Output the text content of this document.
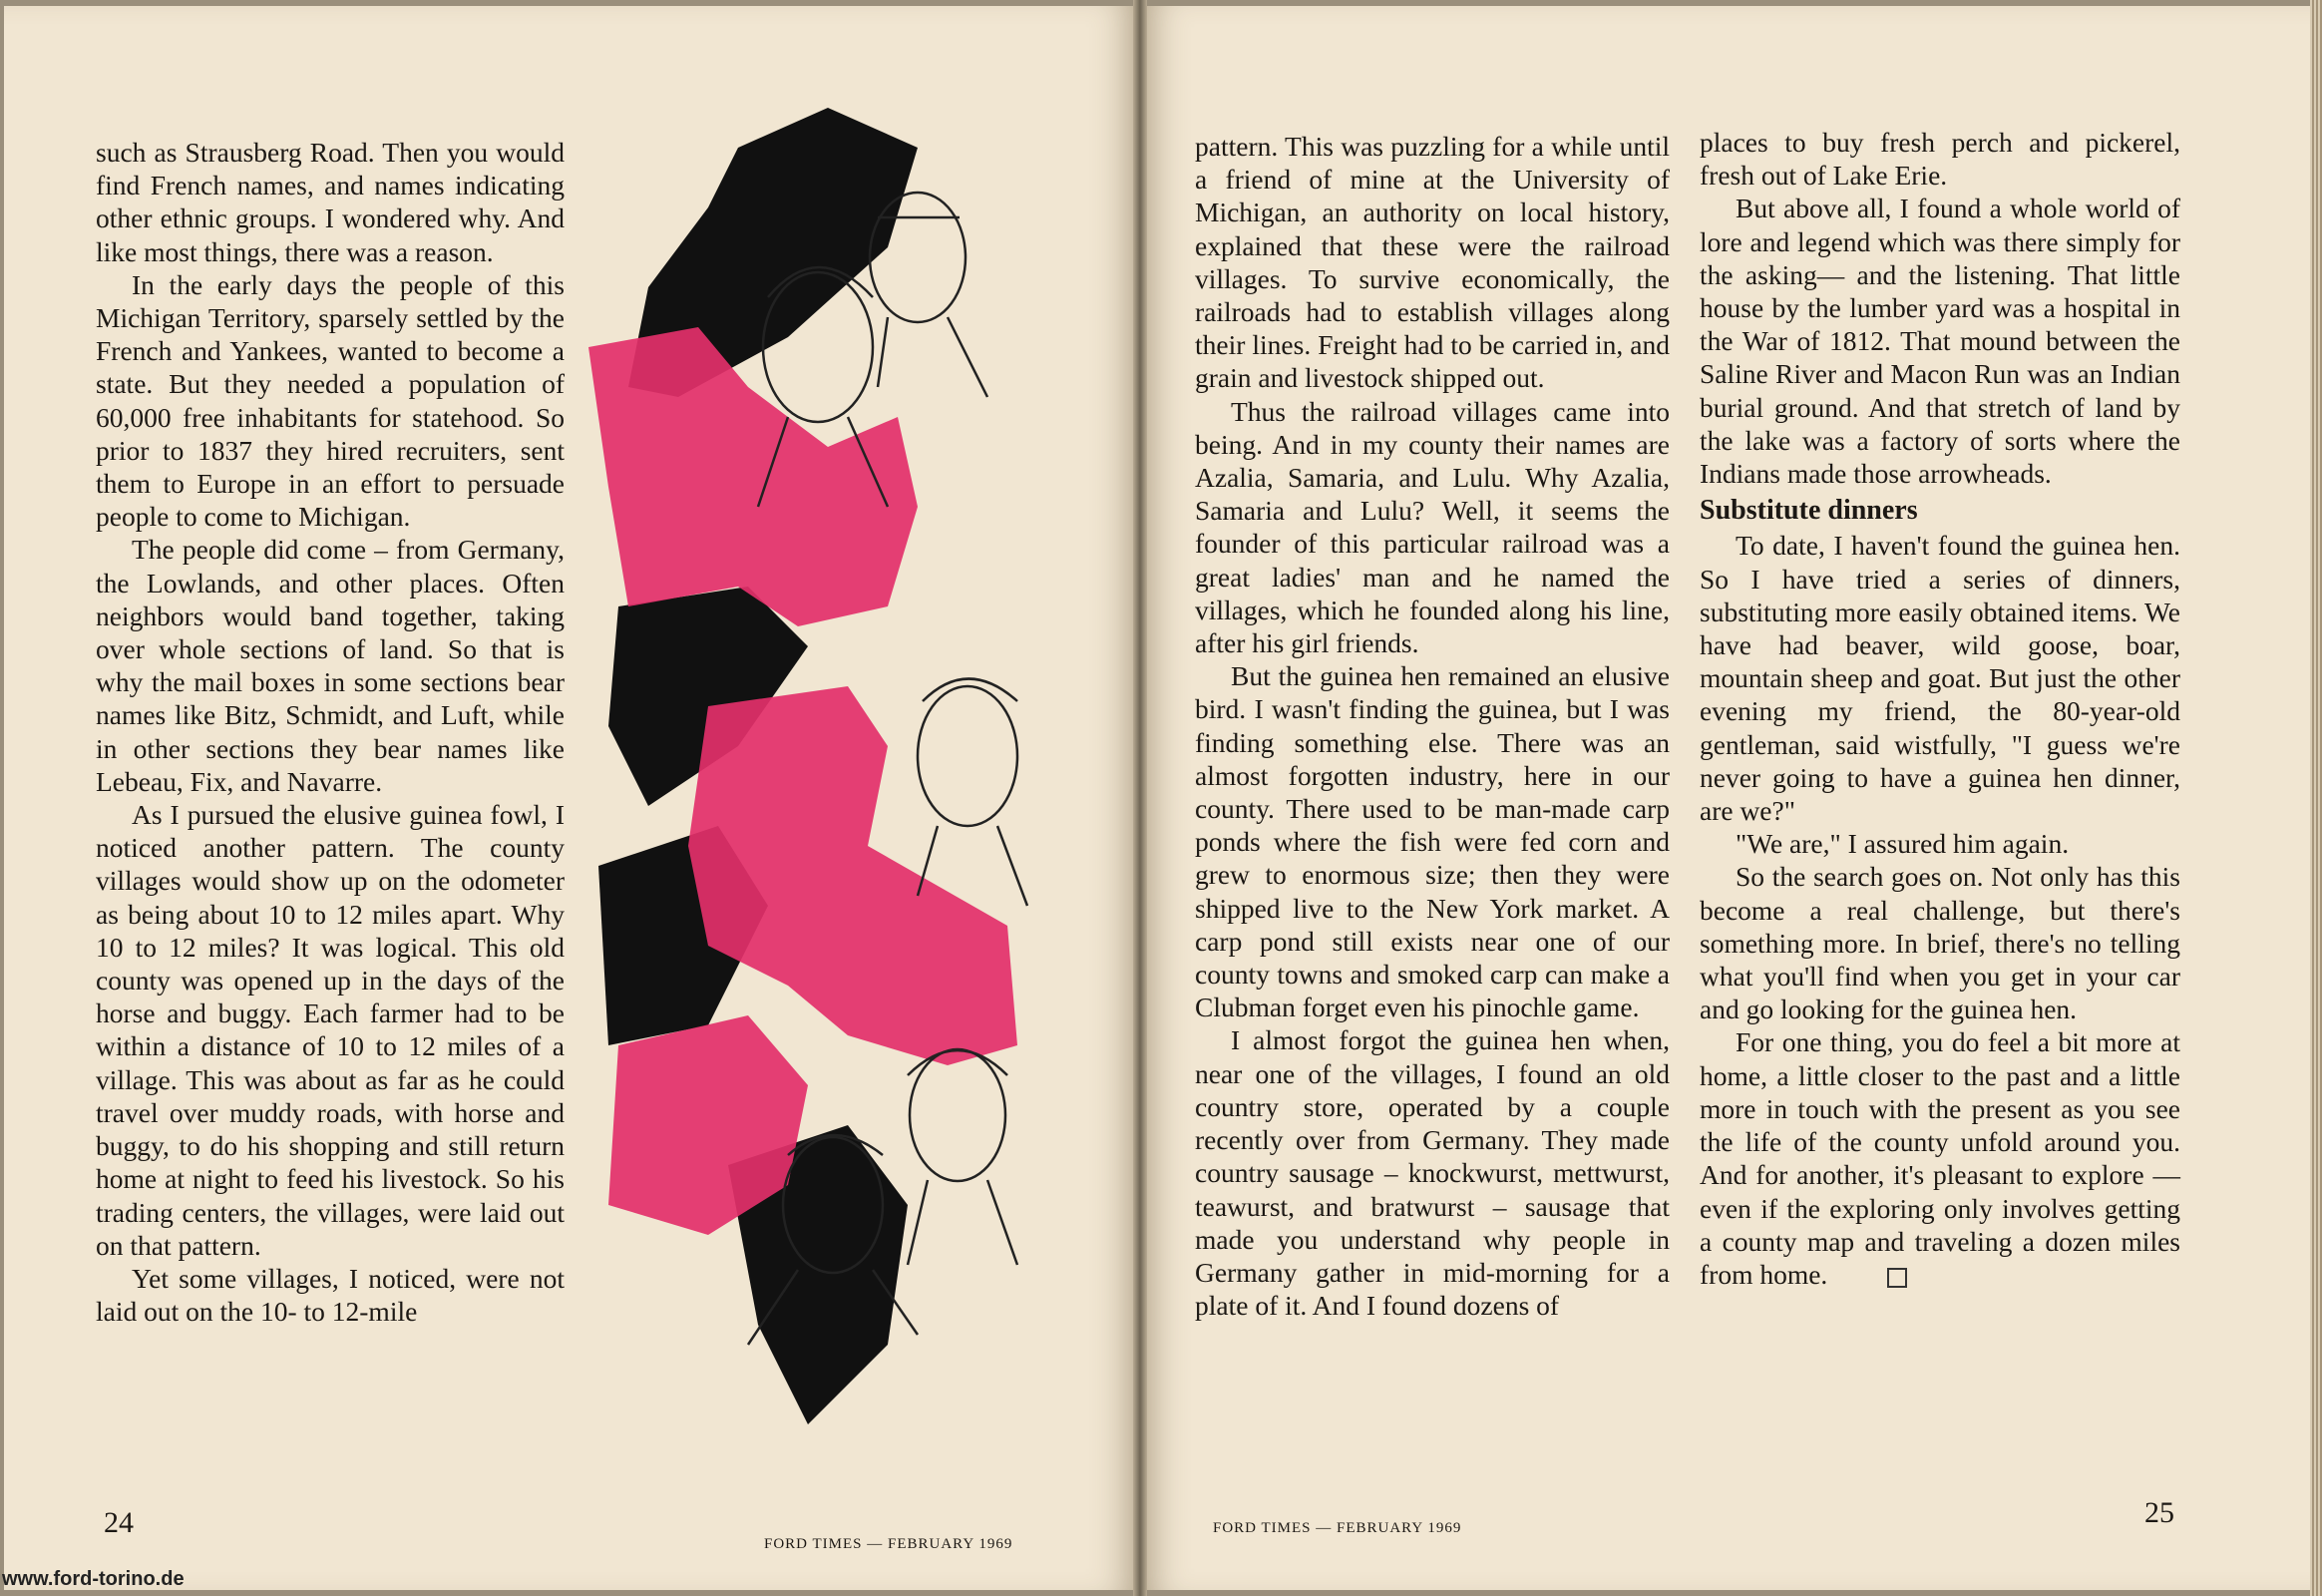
such as Strausberg Road. Then you would find French names, and names indicating other ethnic groups. I wondered why. And like most things, there was a reason.

In the early days the people of this Michigan Territory, sparsely settled by the French and Yankees, wanted to become a state. But they needed a population of 60,000 free inhabitants for statehood. So prior to 1837 they hired recruiters, sent them to Europe in an effort to persuade people to come to Michigan.

The people did come – from Germany, the Lowlands, and other places. Often neighbors would band together, taking over whole sections of land. So that is why the mail boxes in some sections bear names like Bitz, Schmidt, and Luft, while in other sections they bear names like Lebeau, Fix, and Navarre.

As I pursued the elusive guinea fowl, I noticed another pattern. The county villages would show up on the odometer as being about 10 to 12 miles apart. Why 10 to 12 miles? It was logical. This old county was opened up in the days of the horse and buggy. Each farmer had to be within a distance of 10 to 12 miles of a village. This was about as far as he could travel over muddy roads, with horse and buggy, to do his shopping and still return home at night to feed his livestock. So his trading centers, the villages, were laid out on that pattern.

Yet some villages, I noticed, were not laid out on the 10- to 12-mile

24
FORD TIMES — FEBRUARY 1969
www.ford-torino.de

pattern. This was puzzling for a while until a friend of mine at the University of Michigan, an authority on local history, explained that these were the railroad villages. To survive economically, the railroads had to establish villages along their lines. Freight had to be carried in, and grain and livestock shipped out.

Thus the railroad villages came into being. And in my county their names are Azalia, Samaria, and Lulu. Why Azalia, Samaria and Lulu? Well, it seems the founder of this particular railroad was a great ladies' man and he named the villages, which he founded along his line, after his girl friends.

But the guinea hen remained an elusive bird. I wasn't finding the guinea, but I was finding something else. There was an almost forgotten industry, here in our county. There used to be man-made carp ponds where the fish were fed corn and grew to enormous size; then they were shipped live to the New York market. A carp pond still exists near one of our county towns and smoked carp can make a Clubman forget even his pinochle game.

I almost forgot the guinea hen when, near one of the villages, I found an old country store, operated by a couple recently over from Germany. They made country sausage – knockwurst, mettwurst, teawurst, and bratwurst – sausage that made you understand why people in Germany gather in mid-morning for a plate of it. And I found dozens of

places to buy fresh perch and pickerel, fresh out of Lake Erie.

But above all, I found a whole world of lore and legend which was there simply for the asking— and the listening. That little house by the lumber yard was a hospital in the War of 1812. That mound between the Saline River and Macon Run was an Indian burial ground. And that stretch of land by the lake was a factory of sorts where the Indians made those arrowheads.

Substitute dinners

To date, I haven't found the guinea hen. So I have tried a series of dinners, substituting more easily obtained items. We have had beaver, wild goose, boar, mountain sheep and goat. But just the other evening my friend, the 80-year-old gentleman, said wistfully, "I guess we're never going to have a guinea hen dinner, are we?"

"We are," I assured him again.

So the search goes on. Not only has this become a real challenge, but there's something more. In brief, there's no telling what you'll find when you get in your car and go looking for the guinea hen.

For one thing, you do feel a bit more at home, a little closer to the past and a little more in touch with the present as you see the life of the county unfold around you. And for another, it's pleasant to explore —even if the exploring only involves getting a county map and traveling a dozen miles from home.

FORD TIMES — FEBRUARY 1969	25
